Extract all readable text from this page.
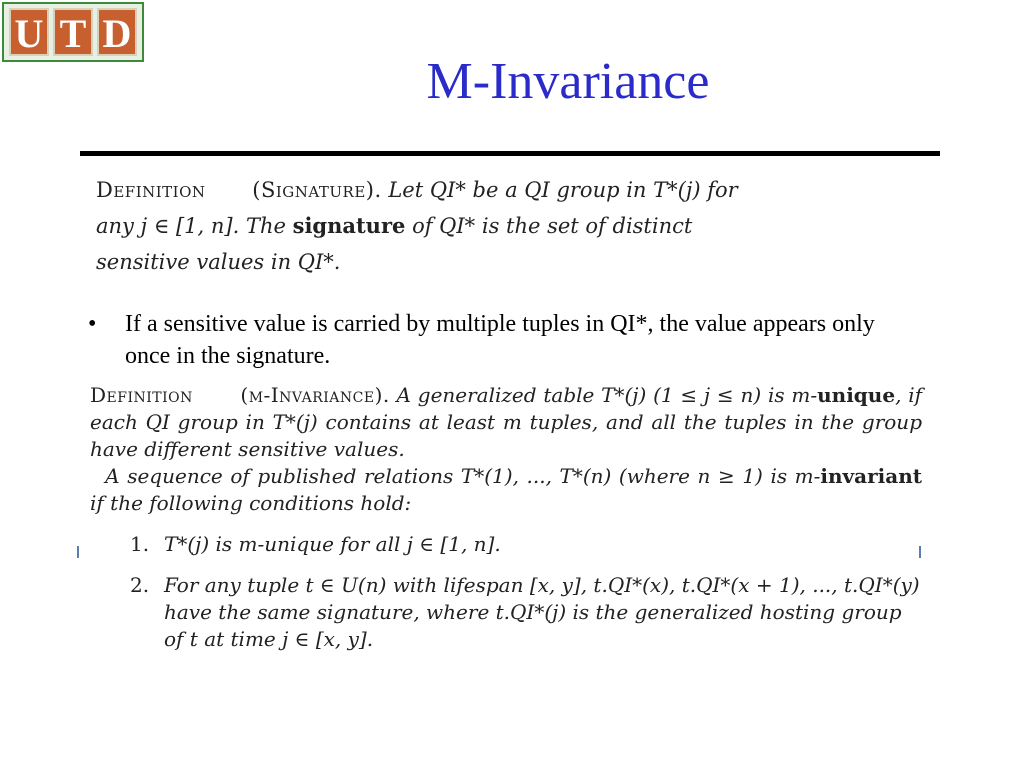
U T D
M-Invariance
Definition (Signature). Let QI* be a QI group in T*(j) for any j ∈ [1, n]. The signature of QI* is the set of distinct sensitive values in QI*.
•	If a sensitive value is carried by multiple tuples in QI*, the value appears only once in the signature.

Definition (m-Invariance). A generalized table T*(j) (1 ≤ j ≤ n) is m-unique, if each QI group in T*(j) contains at least m tuples, and all the tuples in the group have different sensitive values.

A sequence of published relations T*(1), ..., T*(n) (where n ≥ 1) is m-invariant if the following conditions hold:

1. T*(j) is m-unique for all j ∈ [1, n].
2. For any tuple t ∈ U(n) with lifespan [x, y], t.QI*(x), t.QI*(x + 1), ..., t.QI*(y) have the same signature, where t.QI*(j) is the generalized hosting group of t at time j ∈ [x, y].
